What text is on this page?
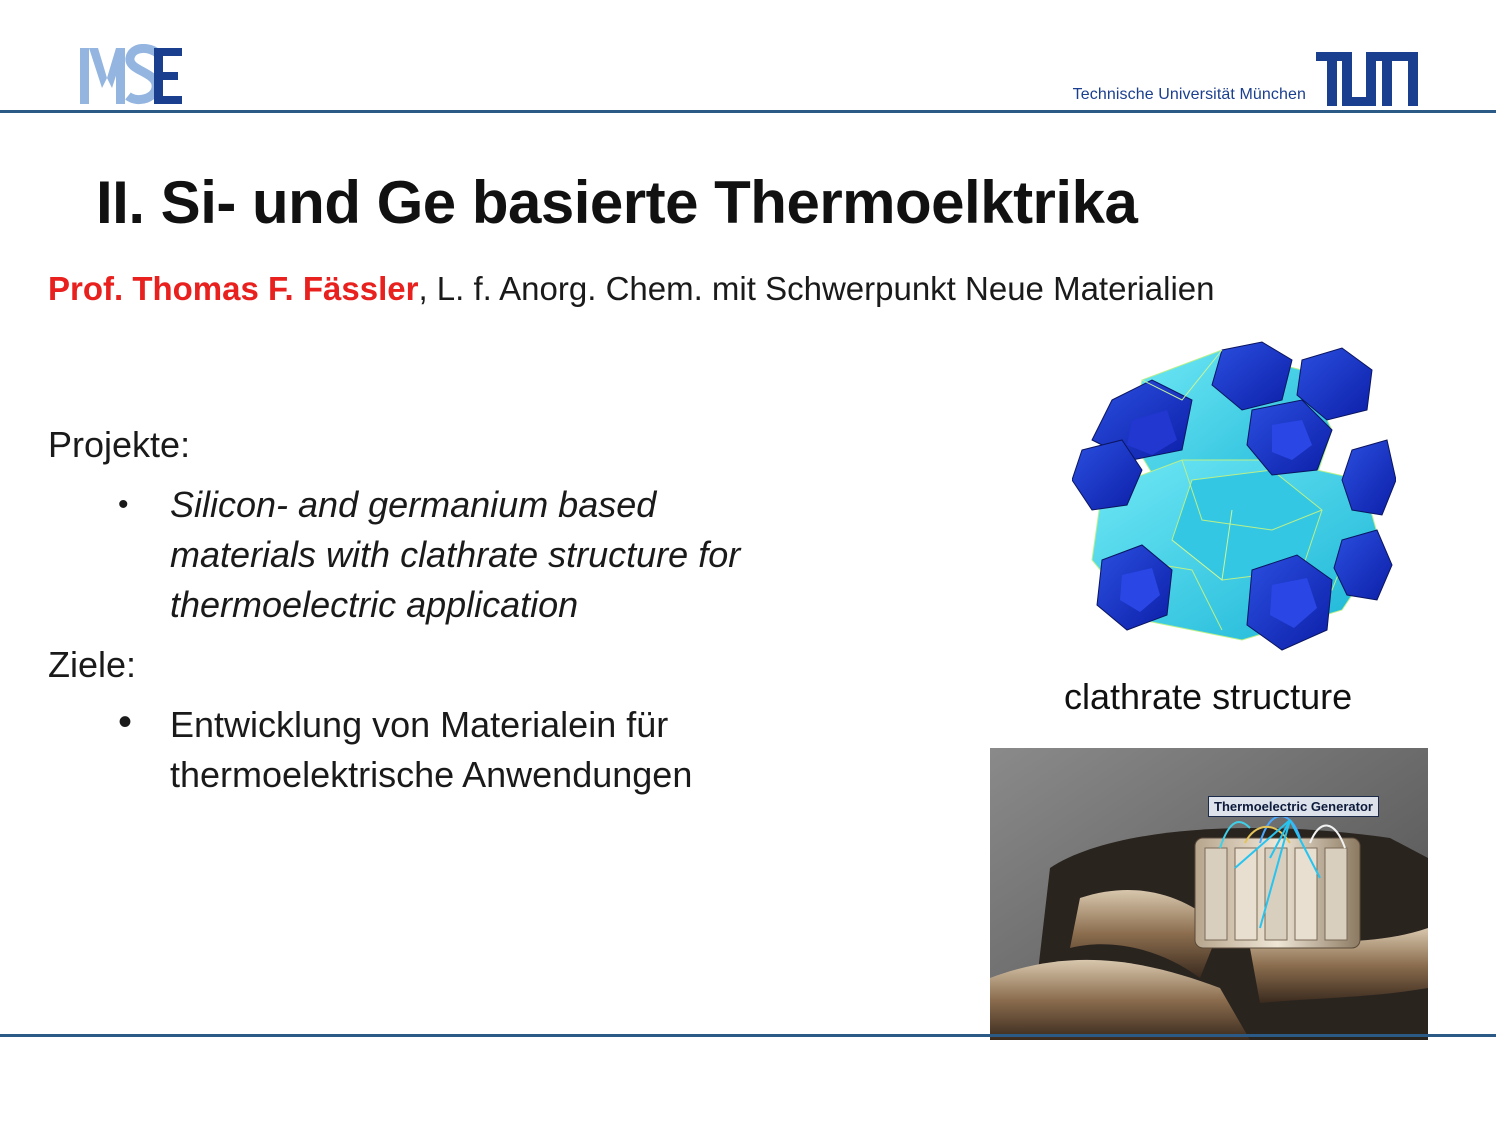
Technische Universität München
II. Si- und Ge basierte Thermoelktrika
Prof. Thomas F. Fässler, L. f. Anorg. Chem. mit Schwerpunkt Neue Materialien
Projekte:
• Silicon- and germanium based
materials with clathrate structure for
thermoelectric application
Ziele:
• Entwicklung von Materialein für
thermoelektrische Anwendungen
clathrate structure
Thermoelectric Generator
